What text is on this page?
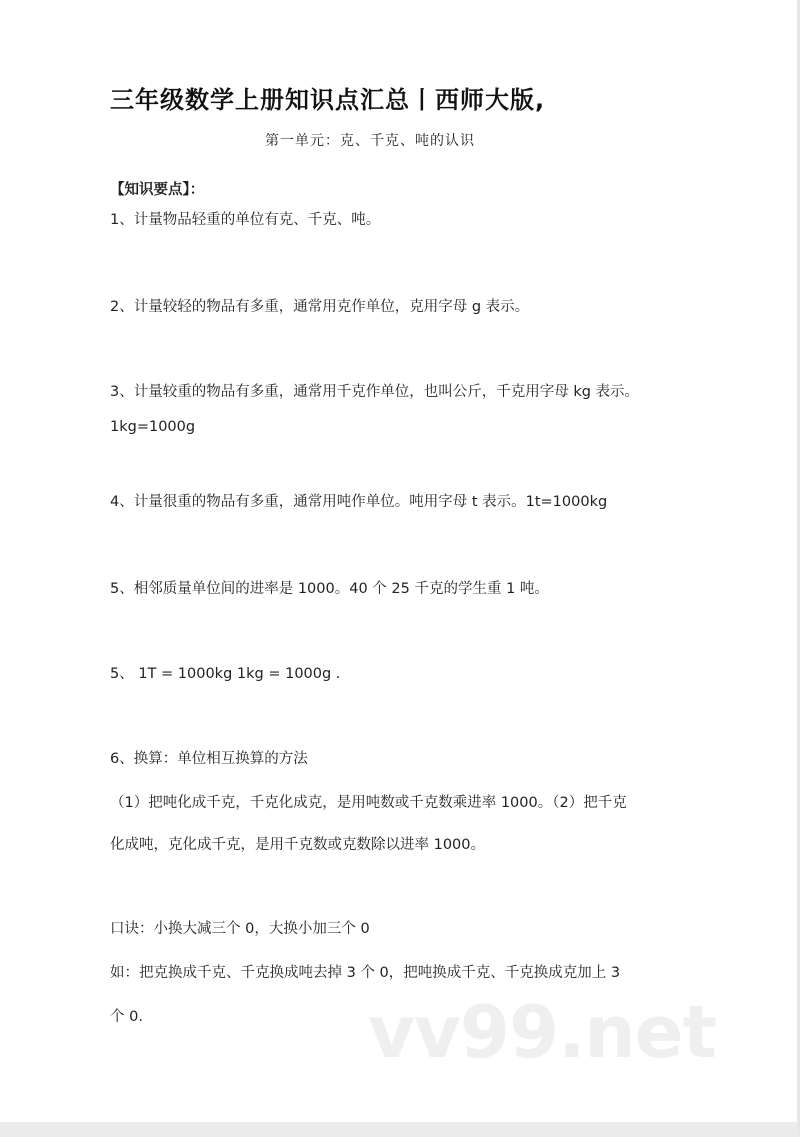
三年级数学上册知识点汇总丨西师大版,
第一单元：克、千克、吨的认识
【知识要点】：
1、计量物品轻重的单位有克、千克、吨。
2、计量较轻的物品有多重，通常用克作单位，克用字母 g 表示。
3、计量较重的物品有多重，通常用千克作单位，也叫公斤，千克用字母 kg 表示。
1kg=1000g
4、计量很重的物品有多重，通常用吨作单位。吨用字母 t 表示。1t=1000kg
5、相邻质量单位间的进率是 1000。40 个 25 千克的学生重 1 吨。
5、 1T = 1000kg 1kg = 1000g .
6、换算：单位相互换算的方法
（1）把吨化成千克，千克化成克，是用吨数或千克数乘进率 1000。（2）把千克
化成吨，克化成千克，是用千克数或克数除以进率 1000。
口诀：小换大减三个 0，大换小加三个 0
如：把克换成千克、千克换成吨去掉 3 个 0，把吨换成千克、千克换成克加上 3
个 0.	vv99.net
